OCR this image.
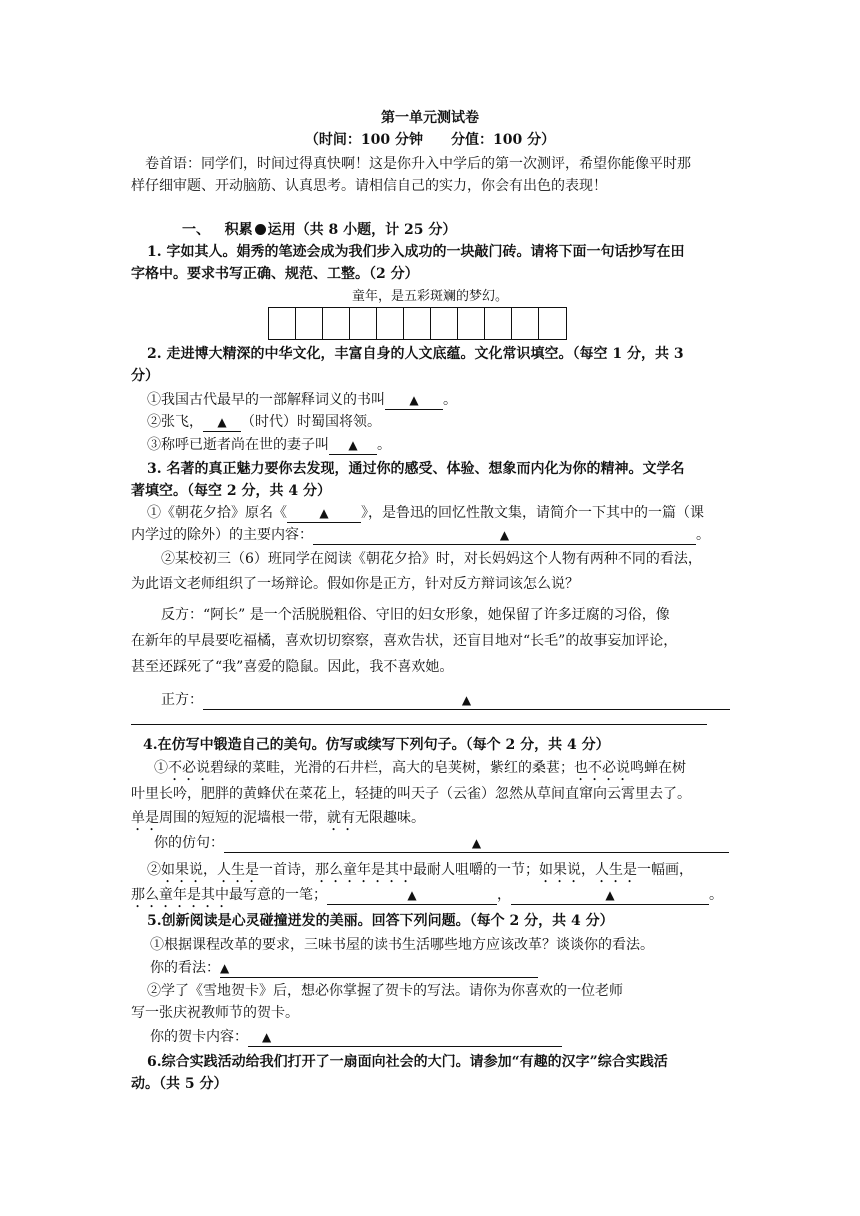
第一单元测试卷
（时间：100 分钟　　分值：100 分）
卷首语：同学们，时间过得真快啊！这是你升入中学后的第一次测评，希望你能像平时那
样仔细审题、开动脑筋、认真思考。请相信自己的实力，你会有出色的表现！
一、 积累 运用（共 8 小题，计 25 分）
1. 字如其人。娟秀的笔迹会成为我们步入成功的一块敲门砖。请将下面一句话抄写在田
字格中。要求书写正确、规范、工整。（2 分）
童年，是五彩斑斓的梦幻。
2. 走进博大精深的中华文化，丰富自身的人文底蕴。文化常识填空。（每空 1 分，共 3
分）
①我国古代最早的一部解释词义的书叫 ▲ 。
②张飞， ▲ （时代）时蜀国将领。
③称呼已逝者尚在世的妻子叫 ▲ 。
3. 名著的真正魅力要你去发现，通过你的感受、体验、想象而内化为你的精神。文学名
著填空。（每空 2 分，共 4 分）
①《朝花夕拾》原名《	▲ 》，是鲁迅的回忆性散文集，请简介一下其中的一篇（课
内学过的除外）的主要内容：	▲	。
②某校初三（6）班同学在阅读《朝花夕拾》时，对长妈妈这个人物有两种不同的看法，
为此语文老师组织了一场辩论。假如你是正方，针对反方辩词该怎么说？
反方：“阿长” 是一个活脱脱粗俗、守旧的妇女形象，她保留了许多迂腐的习俗，像
在新年的早晨要吃福橘，喜欢切切察察，喜欢告状，还盲目地对“长毛”的故事妄加评论，
甚至还踩死了“我”喜爱的隐鼠。因此，我不喜欢她。
正方：	▲
4.在仿写中锻造自己的美句。仿写或续写下列句子。（每个 2 分，共 4 分）
①不必说碧绿的菜畦，光滑的石井栏，高大的皂荚树，紫红的桑葚；也不必说鸣蝉在树
叶里长吟，肥胖的黄蜂伏在菜花上，轻捷的叫天子（云雀）忽然从草间直窜向云霄里去了。
单是周围的短短的泥墙根一带，就有无限趣味。
你的仿句：	▲
②如果说，人生是一首诗，那么童年是其中最耐人咀嚼的一节；如果说，人生是一幅画，
那么童年是其中最写意的一笔；	▲	，	▲	。
5.创新阅读是心灵碰撞迸发的美丽。回答下列问题。（每个 2 分，共 4 分）
①根据课程改革的要求，三味书屋的读书生活哪些地方应该改革？谈谈你的看法。
你的看法：▲
②学了《雪地贺卡》后，想必你掌握了贺卡的写法。请你为你喜欢的一位老师
写一张庆祝教师节的贺卡。
你的贺卡内容： ▲
6.综合实践活动给我们打开了一扇面向社会的大门。请参加“有趣的汉字”综合实践活
动。（共 5 分）
